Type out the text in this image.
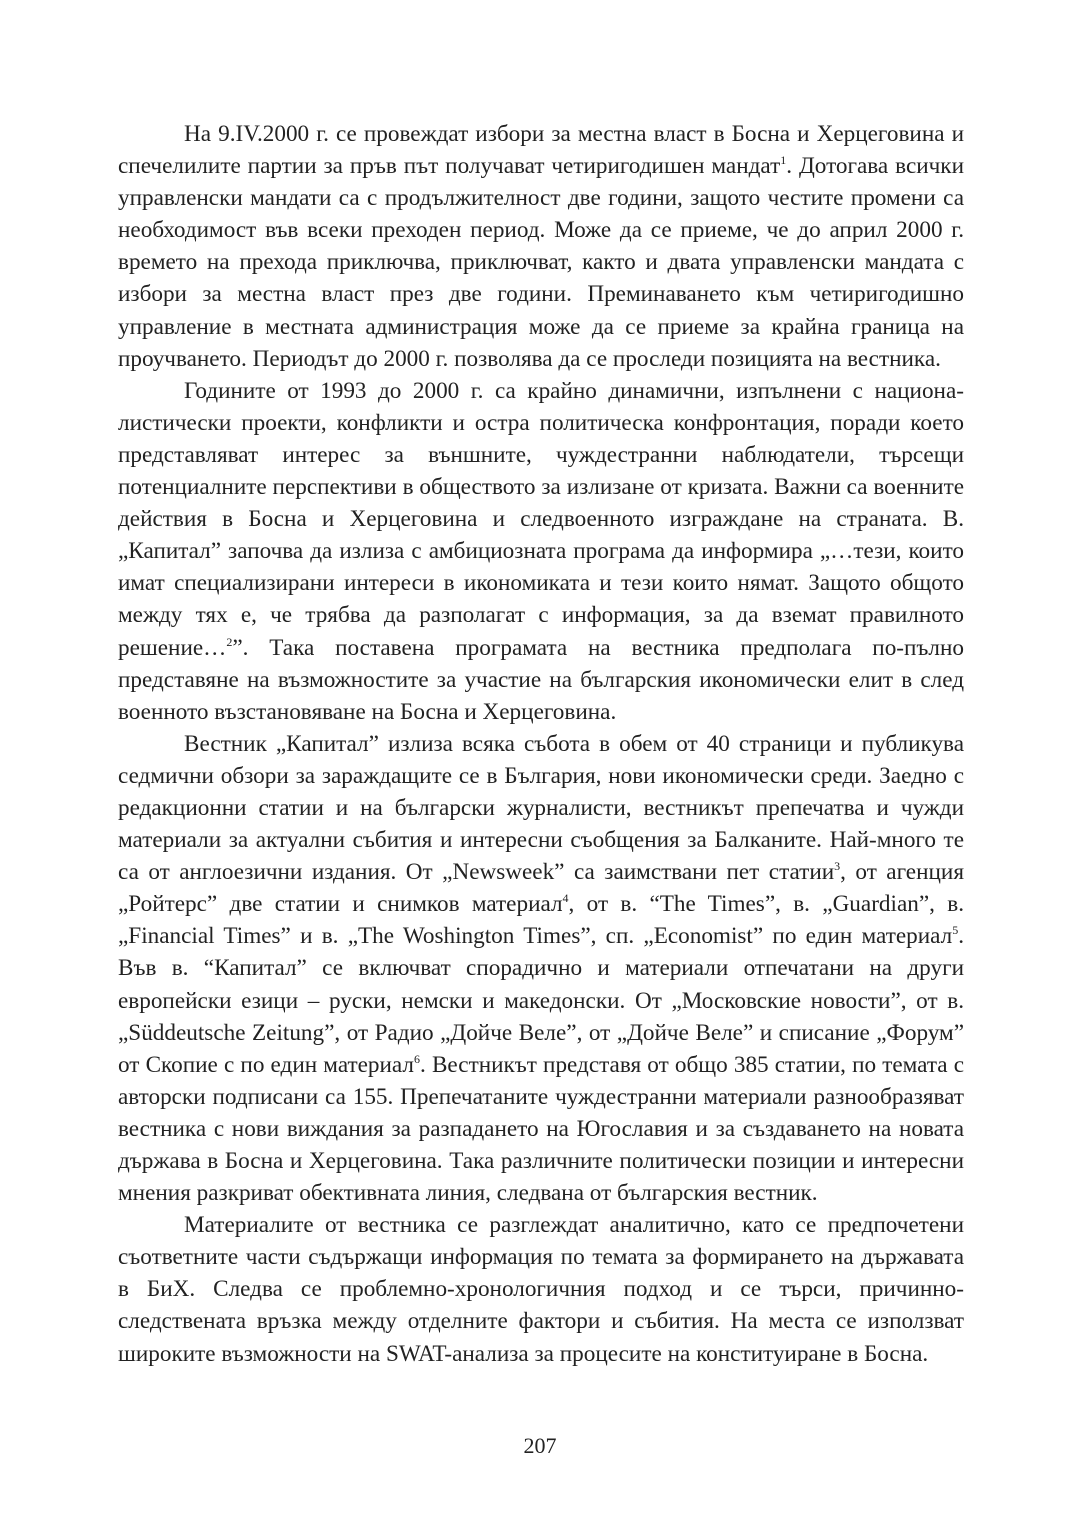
На 9.IV.2000 г. се провеждат избори за местна власт в Босна и Херцеговина и спечелилите партии за пръв път получават четиригодишен мандат$^1$. Дотогава всички управленски мандати са с продължителност две години, защото честите промени са необходимост във всеки преходен период. Може да се приеме, че до април 2000 г. времето на прехода приключва, приключват, както и двата управленски мандата с избори за местна власт през две години. Преминаването към четиригодишно управление в местната администрация може да се приеме за крайна граница на проучването. Периодът до 2000 г. позволява да се проследи позицията на вестника.

Годините от 1993 до 2000 г. са крайно динамични, изпълнени с националистически проекти, конфликти и остра политическа конфронтация, поради което представляват интерес за външните, чуждестранни наблюдатели, търсещи потенциалните перспективи в обществото за излизане от кризата. Важни са военните действия в Босна и Херцеговина и следвоенното изграждане на страната. В. „Капитал” започва да излиза с амбициозната програма да информира „…тези, които имат специализирани интереси в икономиката и тези които нямат. Защото общото между тях е, че трябва да разполагат с информация, за да вземат правилното решение…$^2$”. Така поставена програмата на вестника предполага по-пълно представяне на възможностите за участие на българския икономически елит в след военното възстановяване на Босна и Херцеговина.

Вестник „Капитал” излиза всяка събота в обем от 40 страници и публикува седмични обзори за зараждащите се в България, нови икономически среди. Заедно с редакционни статии и на български журналисти, вестникът препечатва и чужди материали за актуални събития и интересни съобщения за Балканите. Най-много те са от англоезични издания. От „Newsweek” са заимствани пет статии$^3$, от агенция „Ройтерс” две статии и снимков материал$^4$, от в. “The Times”, в. „Guardian”, в. „Financial Times” и в. „The Woshington Times”, сп. „Economist” по един материал$^5$. Във в. “Капитал” се включват спорадично и материали отпечатани на други европейски езици – руски, немски и македонски. От „Московские новости”, от в. „Süddeutsche Zeitung”, от Радио „Дойче Веле”, от „Дойче Веле” и списание „Форум” от Скопие с по един материал$^6$. Вестникът представя от общо 385 статии, по темата с авторски подписани са 155. Препечатаните чуждестранни материали разнообразяват вестника с нови виждания за разпадането на Югославия и за създаването на новата държава в Босна и Херцеговина. Така различните политически позиции и интересни мнения разкриват обективната линия, следвана от българския вестник.

Материалите от вестника се разглеждат аналитично, като се предпочетени съответните части съдържащи информация по темата за формирането на държавата в БиХ. Следва се проблемно-хронологичния подход и се търси, причинно-следствената връзка между отделните фактори и събития. На места се използват широките възможности на SWAT-анализа за процесите на конституиране в Босна.

207
